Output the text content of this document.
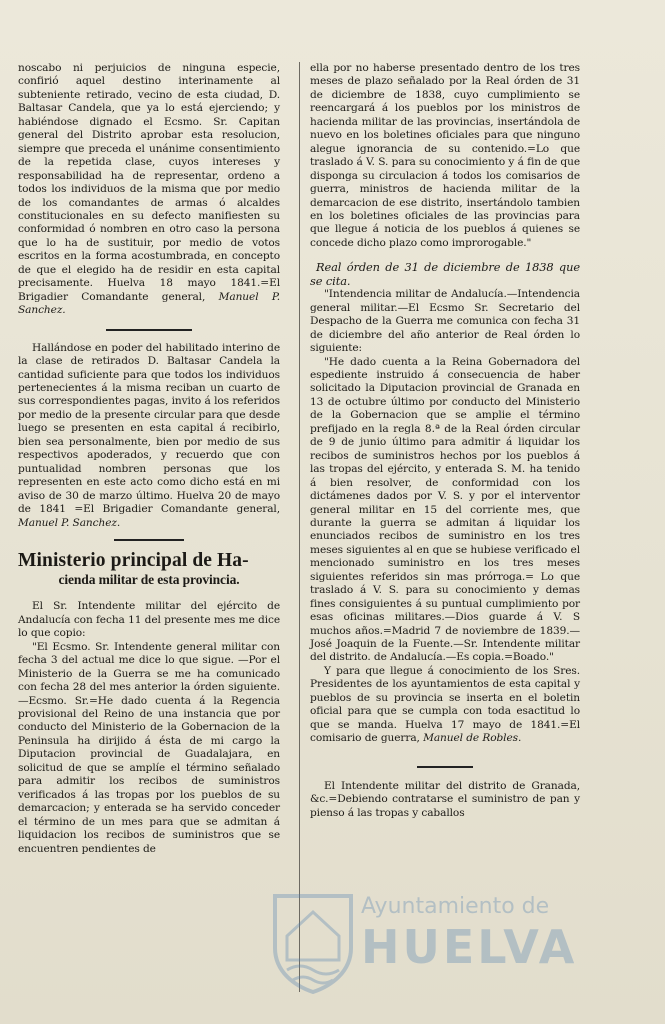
noscabo ni perjuicios de ninguna especie, confirió aquel destino interinamente al subteniente retirado, vecino de esta ciudad, D. Baltasar Candela, que ya lo está ejerciendo; y habiéndose dignado el Ecsmo. Sr. Capitan general del Distrito aprobar esta resolucion, siempre que preceda el unánime consentimiento de la repetida clase, cuyos intereses y responsabilidad ha de representar, ordeno a todos los individuos de la misma que por medio de los comandantes de armas ó alcaldes constitucionales en su defecto manifiesten su conformidad ó nombren en otro caso la persona que lo ha de sustituir, por medio de votos escritos en la forma acostumbrada, en concepto de que el elegido ha de residir en esta capital precisamente. Huelva 18 mayo 1841.=El Brigadier Comandante general, Manuel P. Sanchez.

Hallándose en poder del habilitado interino de la clase de retirados D. Baltasar Candela la cantidad suficiente para que todos los individuos pertenecientes á la misma reciban un cuarto de sus correspondientes pagas, invito á los referidos por medio de la presente circular para que desde luego se presenten en esta capital á recibirlo, bien sea personalmente, bien por medio de sus respectivos apoderados, y recuerdo que con puntualidad nombren personas que los representen en este acto como dicho está en mi aviso de 30 de marzo último. Huelva 20 de mayo de 1841 =El Brigadier Comandante general, Manuel P. Sanchez.

Ministerio principal de Ha-
cienda militar de esta provincia.

El Sr. Intendente militar del ejército de Andalucía con fecha 11 del presente mes me dice lo que copio:

"El Ecsmo. Sr. Intendente general militar con fecha 3 del actual me dice lo que sigue. —Por el Ministerio de la Guerra se me ha comunicado con fecha 28 del mes anterior la órden siguiente.—Ecsmo. Sr.=He dado cuenta á la Regencia provisional del Reino de una instancia que por conducto del Ministerio de la Gobernacion de la Peninsula ha dirijido á ésta de mi cargo la Diputacion provincial de Guadalajara, en solicitud de que se amplíe el término señalado para admitir los recibos de suministros verificados á las tropas por los pueblos de su demarcacion; y enterada se ha servido conceder el término de un mes para que se admitan á liquidacion los recibos de suministros que se encuentren pendientes de

ella por no haberse presentado dentro de los tres meses de plazo señalado por la Real órden de 31 de diciembre de 1838, cuyo cumplimiento se reencargará á los pueblos por los ministros de hacienda militar de las provincias, insertándola de nuevo en los boletines oficiales para que ninguno alegue ignorancia de su contenido.=Lo que traslado á V. S. para su conocimiento y á fin de que disponga su circulacion á todos los comisarios de guerra, ministros de hacienda militar de la demarcacion de ese distrito, insertándolo tambien en los boletines oficiales de las provincias para que llegue á noticia de los pueblos á quienes se concede dicho plazo como improrogable."

Real órden de 31 de diciembre de 1838 que se cita.

"Intendencia militar de Andalucía.—Intendencia general militar.—El Ecsmo Sr. Secretario del Despacho de la Guerra me comunica con fecha 31 de diciembre del año anterior de Real órden lo siguiente:

"He dado cuenta a la Reina Gobernadora del espediente instruido á consecuencia de haber solicitado la Diputacion provincial de Granada en 13 de octubre último por conducto del Ministerio de la Gobernacion que se amplie el término prefijado en la regla 8.ª de la Real órden circular de 9 de junio último para admitir á liquidar los recibos de suministros hechos por los pueblos á las tropas del ejército, y enterada S. M. ha tenido á bien resolver, de conformidad con los dictámenes dados por V. S. y por el interventor general militar en 15 del corriente mes, que durante la guerra se admitan á liquidar los enunciados recibos de suministro en los tres meses siguientes al en que se hubiese verificado el mencionado suministro en los tres meses siguientes referidos sin mas prórroga.= Lo que traslado á V. S. para su conocimiento y demas fines consiguientes á su puntual cumplimiento por esas oficinas militares.—Dios guarde á V. S muchos años.=Madrid 7 de noviembre de 1839.—José Joaquin de la Fuente.—Sr. Intendente militar del distrito. de Andalucía.—Es copia.=Boado."

Y para que llegue á conocimiento de los Sres. Presidentes de los ayuntamientos de esta capital y pueblos de su provincia se inserta en el boletin oficial para que se cumpla con toda esactitud lo que se manda. Huelva 17 mayo de 1841.=El comisario de guerra, Manuel de Robles.

El Intendente militar del distrito de Granada, &c.=Debiendo contratarse el suministro de pan y pienso á las tropas y caballos

Ayuntamiento de
HUELVA
